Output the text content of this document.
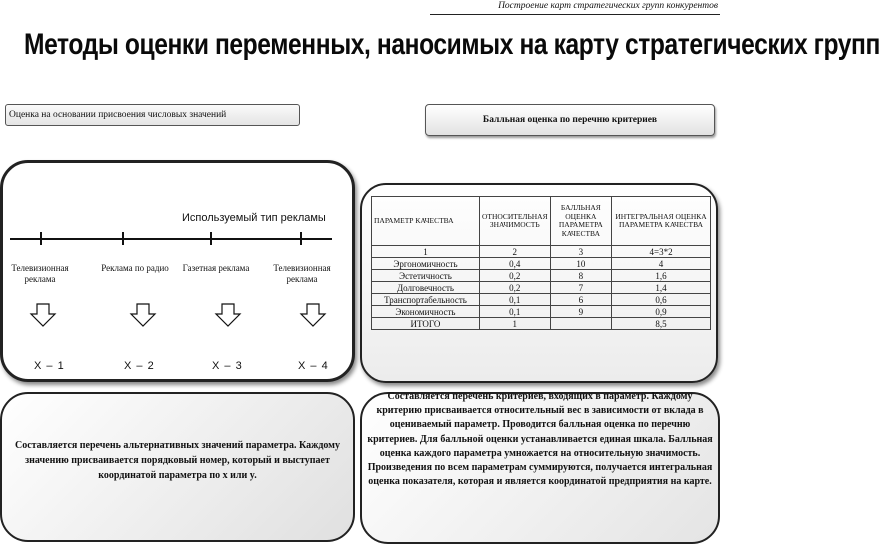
Построение карт стратегических групп конкурентов
Методы оценки переменных, наносимых на карту стратегических групп
Оценка на основании присвоения числовых значений	Балльная оценка по перечню критериев
Используемый тип рекламы
Телевизионная реклама
Реклама по радио	Газетная реклама	Телевизионная реклама
X – 1	X – 2	X – 3	X – 4
ПАРАМЕТР КАЧЕСТВА	ОТНОСИТЕЛЬНАЯ ЗНАЧИМОСТЬ	БАЛЛЬНАЯ ОЦЕНКА ПАРАМЕТРА КАЧЕСТВА	ИНТЕГРАЛЬНАЯ ОЦЕНКА ПАРАМЕТРА КАЧЕСТВА
1	2	3	4=3*2
Эргономичность	0,4	10	4
Эстетичность	0,2	8	1,6
Долговечность	0,2	7	1,4
Транспортабельность	0,1	6	0,6
Экономичность	0,1	9	0,9
ИТОГО	1		8,5
Составляется перечень альтернативных значений параметра. Каждому значению присваивается порядковый номер, который и выступает координатой параметра по x или y.
Составляется перечень критериев, входящих в параметр. Каждому критерию присваивается относительный вес в зависимости от вклада в оцениваемый параметр. Проводится балльная оценка по перечню критериев. Для балльной оценки устанавливается единая шкала. Балльная оценка каждого параметра умножается на относительную значимость. Произведения по всем параметрам суммируются, получается интегральная оценка показателя, которая и является координатой предприятия на карте.
